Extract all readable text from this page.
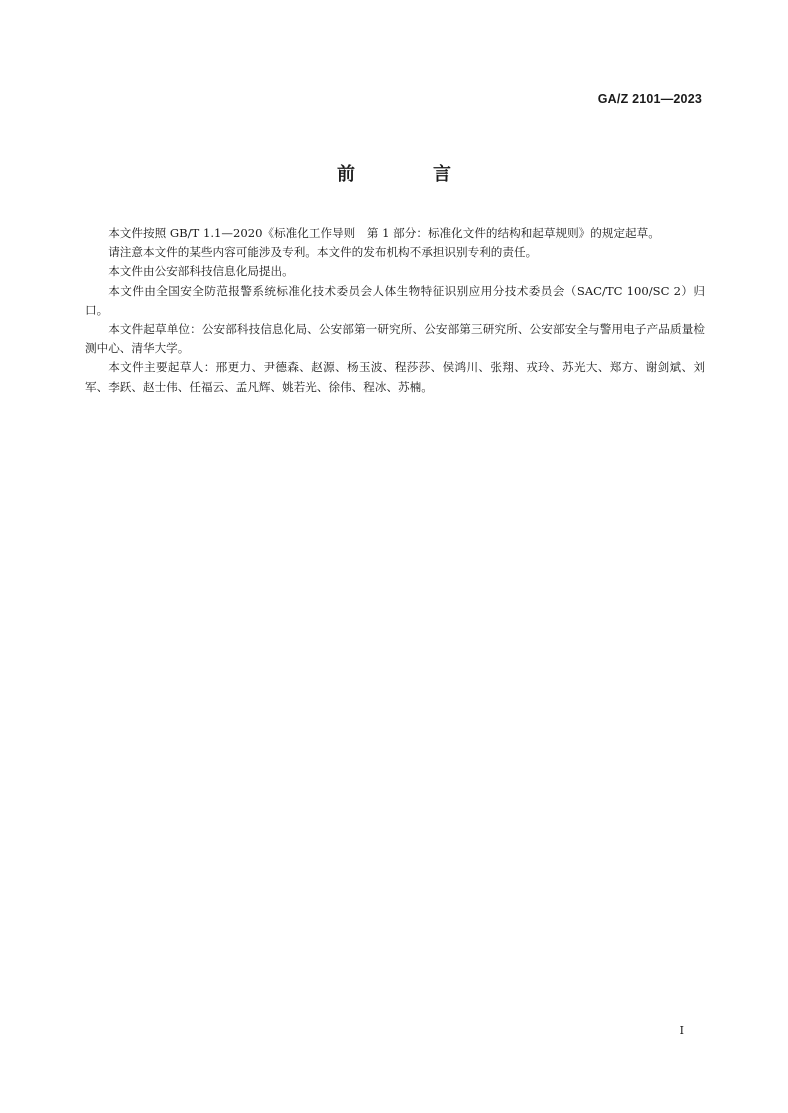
GA/Z 2101—2023
前　言

本文件按照 GB/T 1.1—2020《标准化工作导则　第 1 部分：标准化文件的结构和起草规则》的规定起草。

请注意本文件的某些内容可能涉及专利。本文件的发布机构不承担识别专利的责任。

本文件由公安部科技信息化局提出。

本文件由全国安全防范报警系统标准化技术委员会人体生物特征识别应用分技术委员会（SAC/TC 100/SC 2）归口。

本文件起草单位：公安部科技信息化局、公安部第一研究所、公安部第三研究所、公安部安全与警用电子产品质量检测中心、清华大学。

本文件主要起草人：邢更力、尹德森、赵源、杨玉波、程莎莎、侯鸿川、张翔、戎玲、苏光大、郑方、谢剑斌、刘军、李跃、赵士伟、任福云、孟凡辉、姚若光、徐伟、程冰、苏楠。

I
